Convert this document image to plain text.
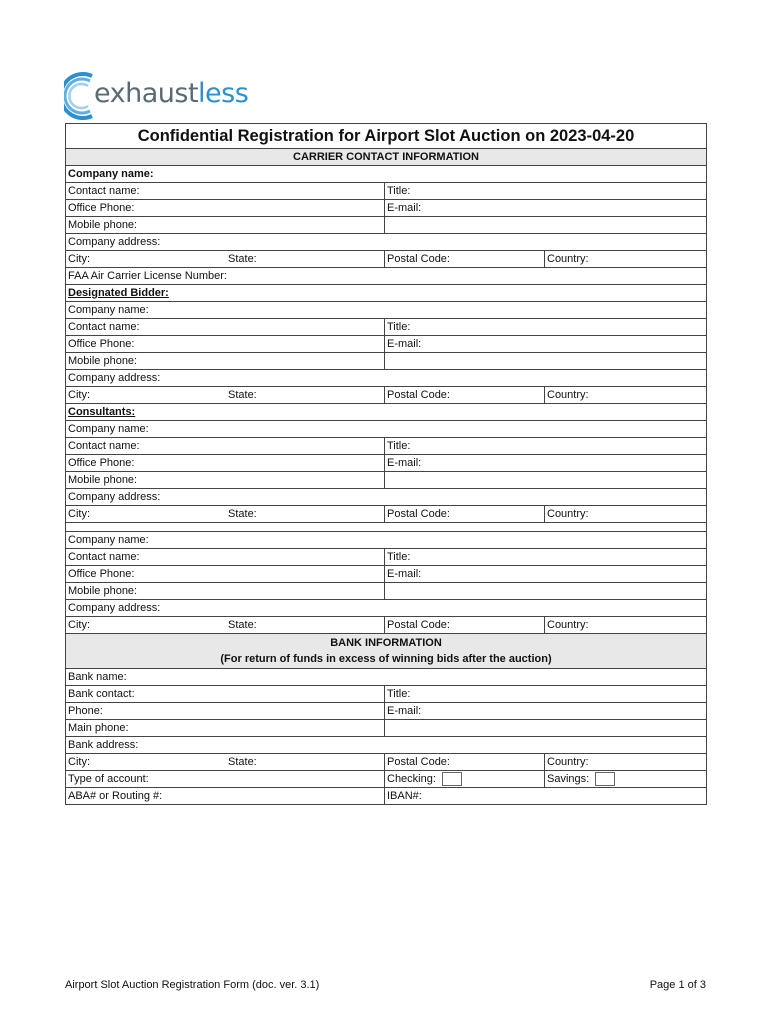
exhaustless
Confidential Registration for Airport Slot Auction on 2023-04-20
CARRIER CONTACT INFORMATION
Company name:
Contact name:	Title:
Office Phone:	E-mail:
Mobile phone:
Company address:
City:	State:	Postal Code:	Country:
FAA Air Carrier License Number:
Designated Bidder:
Company name:
Contact name:	Title:
Office Phone:	E-mail:
Mobile phone:
Company address:
City:	State:	Postal Code:	Country:
Consultants:
Company name:
Contact name:	Title:
Office Phone:	E-mail:
Mobile phone:
Company address:
City:	State:	Postal Code:	Country:
Company name:
Contact name:	Title:
Office Phone:	E-mail:
Mobile phone:
Company address:
City:	State:	Postal Code:	Country:
BANK INFORMATION
(For return of funds in excess of winning bids after the auction)
Bank name:
Bank contact:	Title:
Phone:	E-mail:
Main phone:
Bank address:
City:	State:	Postal Code:	Country:
Type of account:	Checking:	Savings:
ABA# or Routing #:	IBAN#:
Airport Slot Auction Registration Form (doc. ver. 3.1)	Page 1 of 3
